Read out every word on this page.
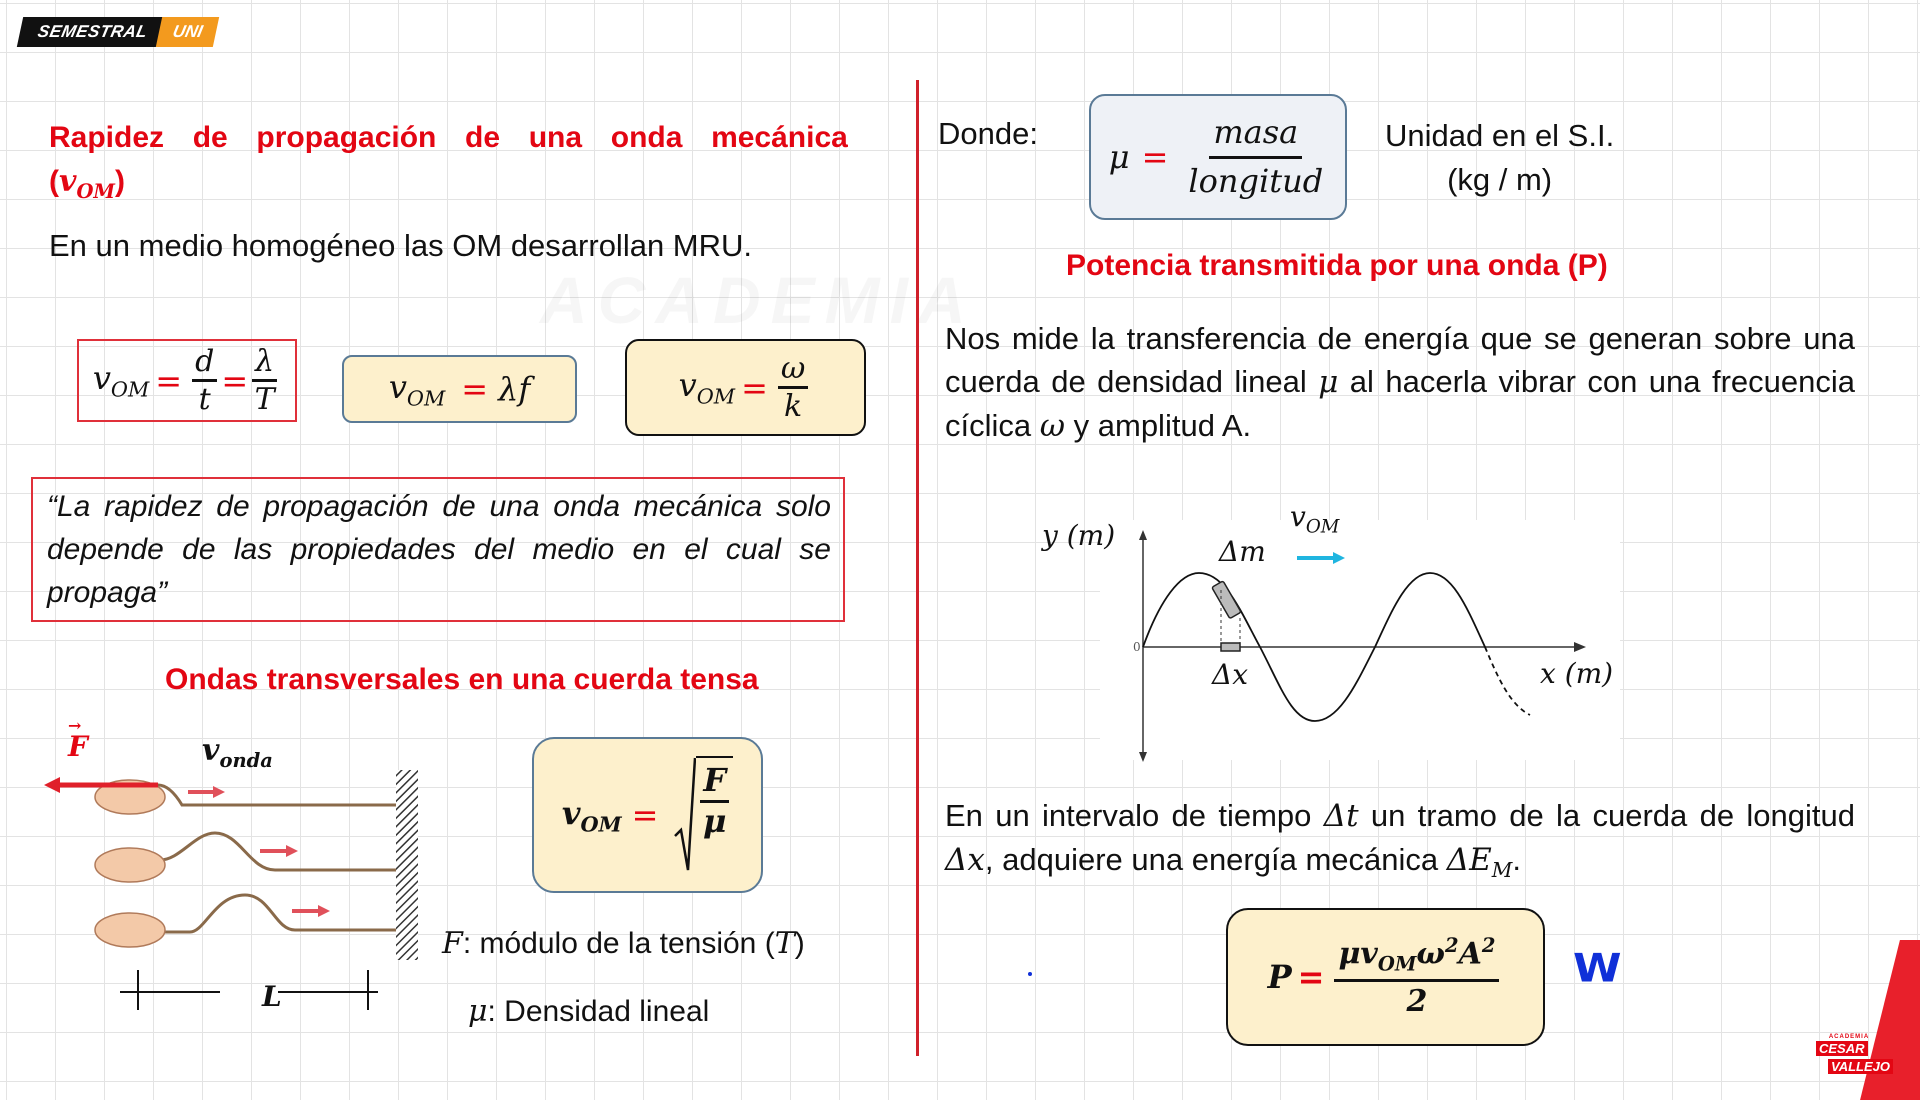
SEMESTRAL	UNI
Rapidez  de  propagación  de  una  onda  mecánica
$(v_{OM})$
En un medio homogéneo las OM desarrollan MRU.
$v_{OM} = \frac{d}{t} = \frac{\lambda}{T}$	$v_{OM} = \lambda f$	$v_{OM} = \frac{\omega}{k}$
“La rapidez de propagación de una onda mecánica solo depende de las propiedades del medio en el cual se propaga”
Ondas transversales en una cuerda tensa
→
F	$v_{onda}$
L
$v_{OM} = \frac{F}{\mu}$
F: módulo de la tensión (T)
μ: Densidad lineal
Donde:
$\mu = \frac{\text{masa}}{\text{longitud}}$ Unidad en el S.I.
(kg / m)
Potencia transmitida por una onda (P)
Nos mide la transferencia de energía que se generan sobre una cuerda de densidad lineal μ al hacerla vibrar con una frecuencia cíclica ω y amplitud A.
0
y (m)
x (m)
Δm
Δx
$v_{OM}$
En un intervalo de tiempo Δt un tramo de la cuerda de longitud Δx, adquiere una energía mecánica $\Delta E_M$.
$P = \frac{\mu v_{OM}\omega^2A^2}{2}$ W
ACADEMIA
CESAR
VALLEJO
